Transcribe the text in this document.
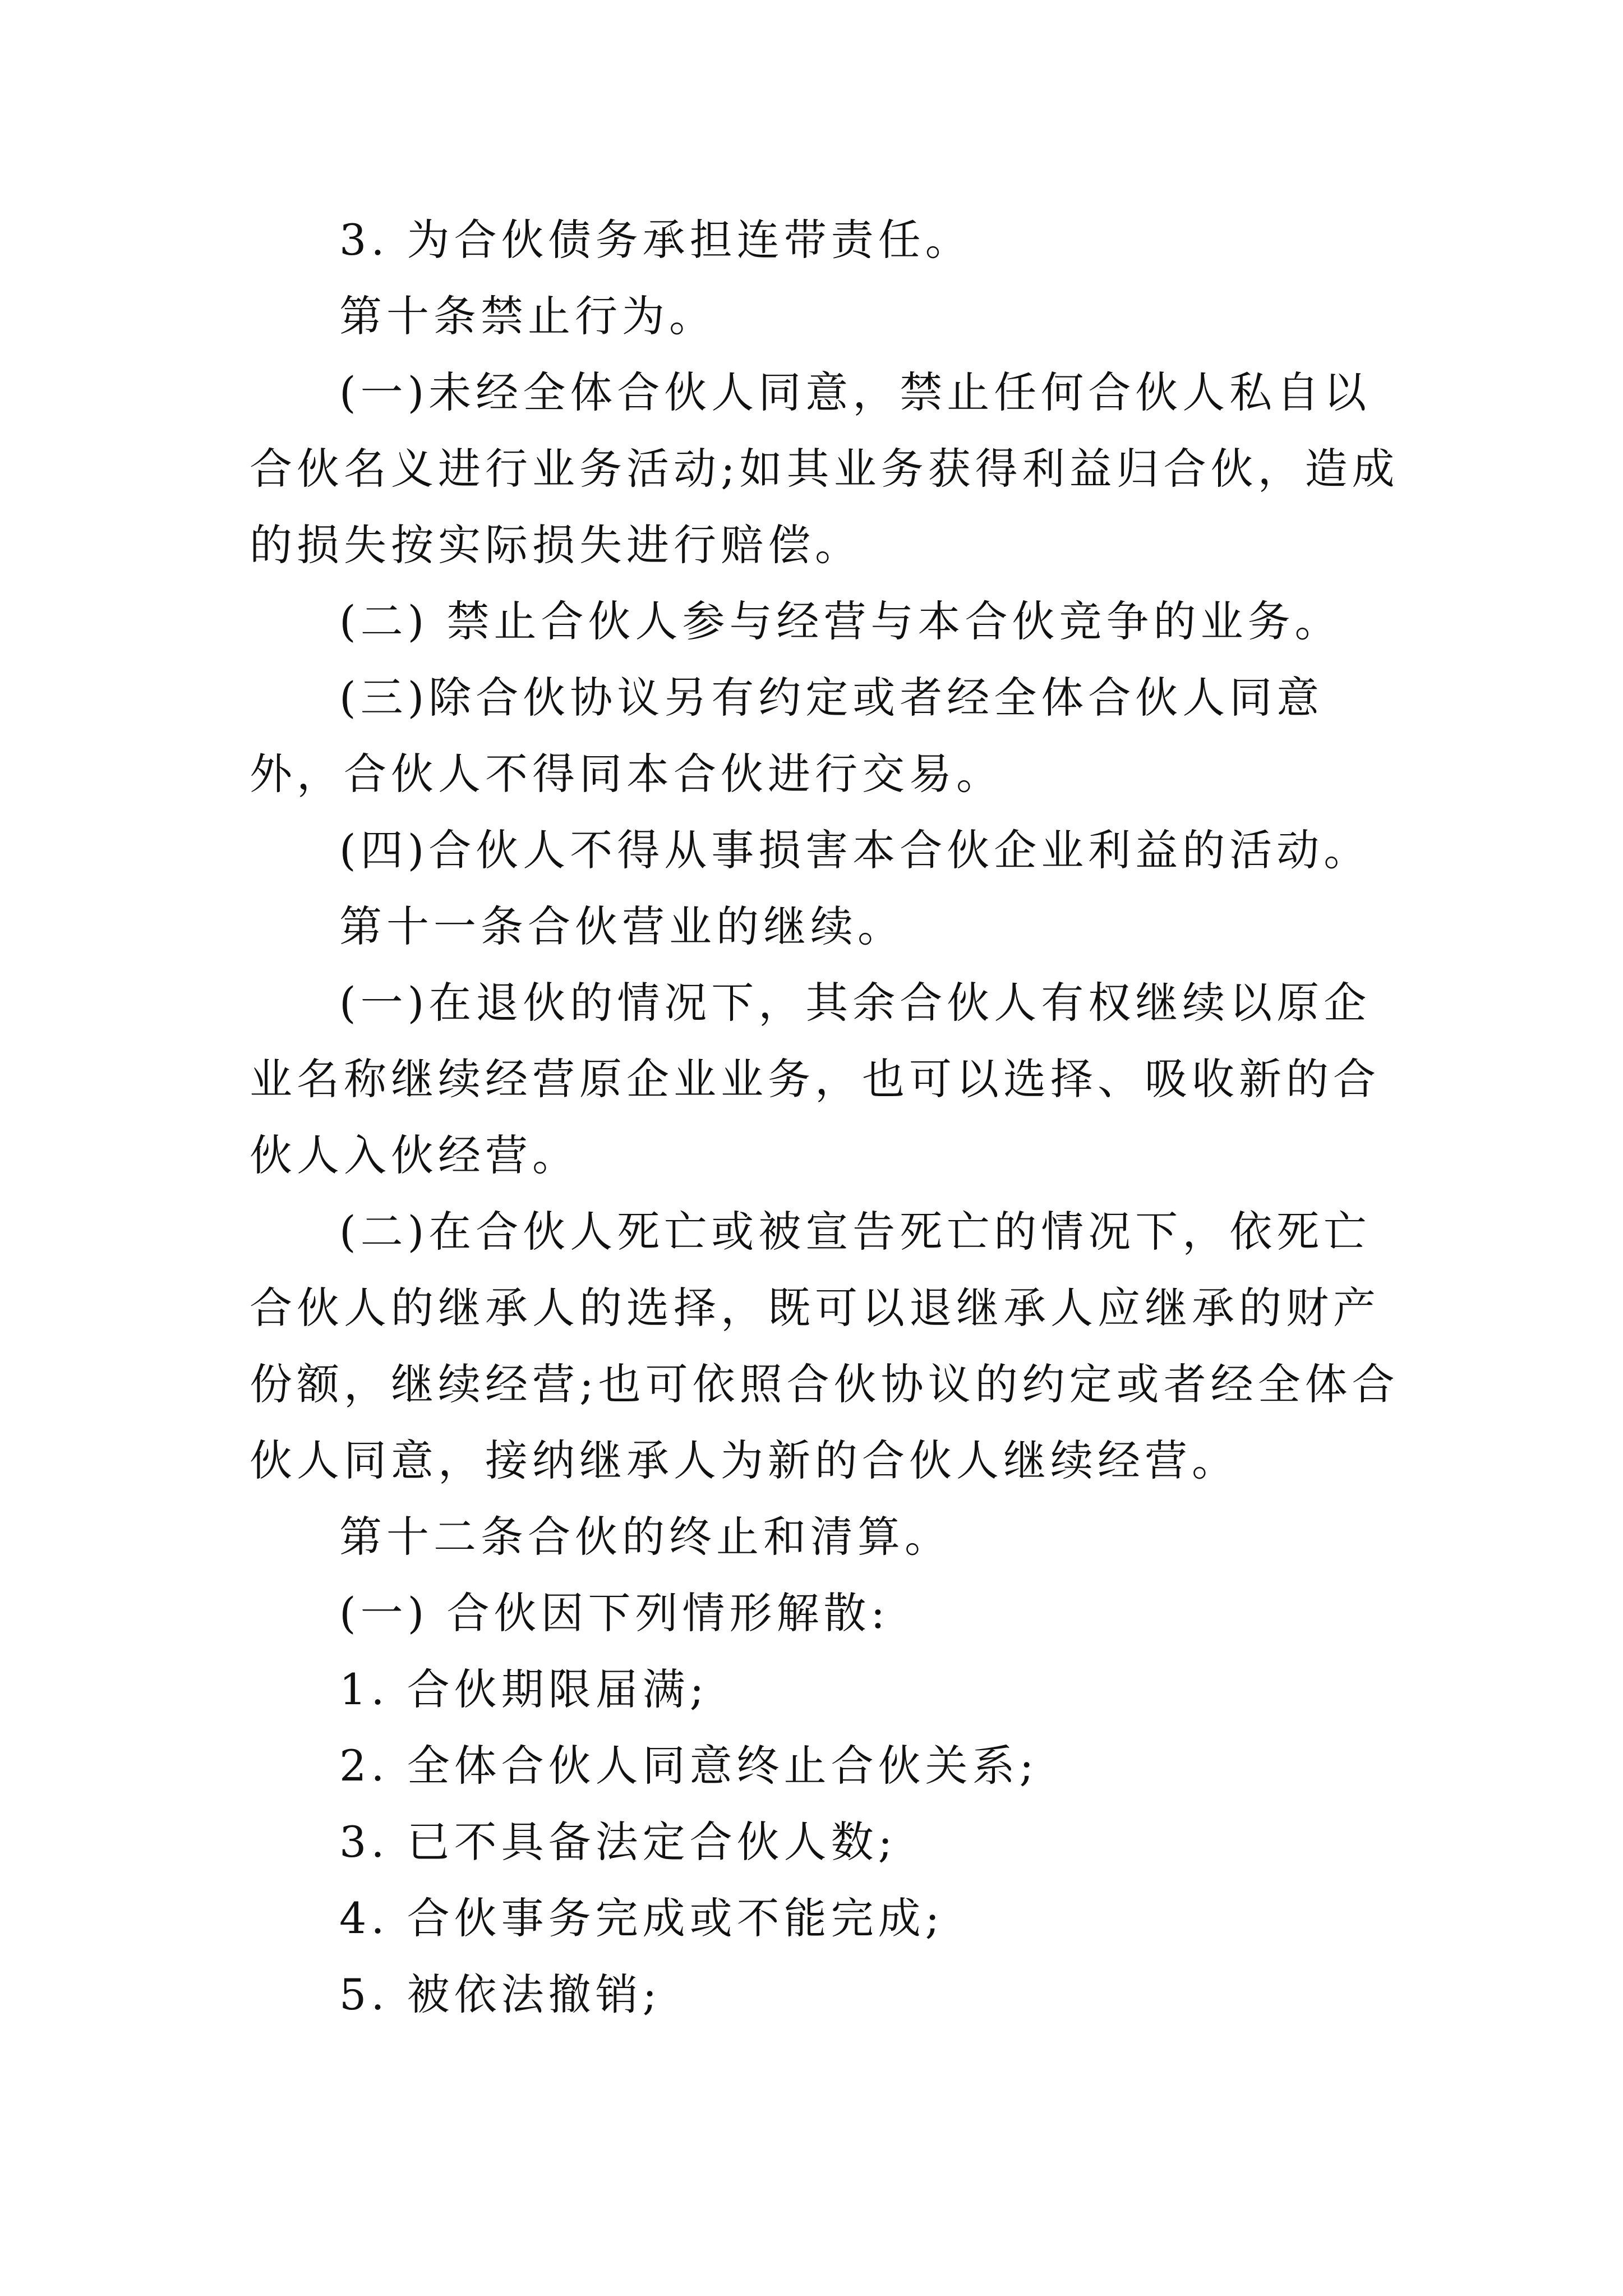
3. 为合伙债务承担连带责任。

第十条禁止行为。

(一)未经全体合伙人同意，禁止任何合伙人私自以合伙名义进行业务活动;如其业务获得利益归合伙，造成的损失按实际损失进行赔偿。

(二) 禁止合伙人参与经营与本合伙竞争的业务。

(三)除合伙协议另有约定或者经全体合伙人同意外，合伙人不得同本合伙进行交易。

(四)合伙人不得从事损害本合伙企业利益的活动。

第十一条合伙营业的继续。

(一)在退伙的情况下，其余合伙人有权继续以原企业名称继续经营原企业业务，也可以选择、吸收新的合伙人入伙经营。

(二)在合伙人死亡或被宣告死亡的情况下，依死亡合伙人的继承人的选择，既可以退继承人应继承的财产份额，继续经营;也可依照合伙协议的约定或者经全体合伙人同意，接纳继承人为新的合伙人继续经营。

第十二条合伙的终止和清算。

(一) 合伙因下列情形解散:

1. 合伙期限届满;

2. 全体合伙人同意终止合伙关系;

3. 已不具备法定合伙人数;

4. 合伙事务完成或不能完成;

5. 被依法撤销;
